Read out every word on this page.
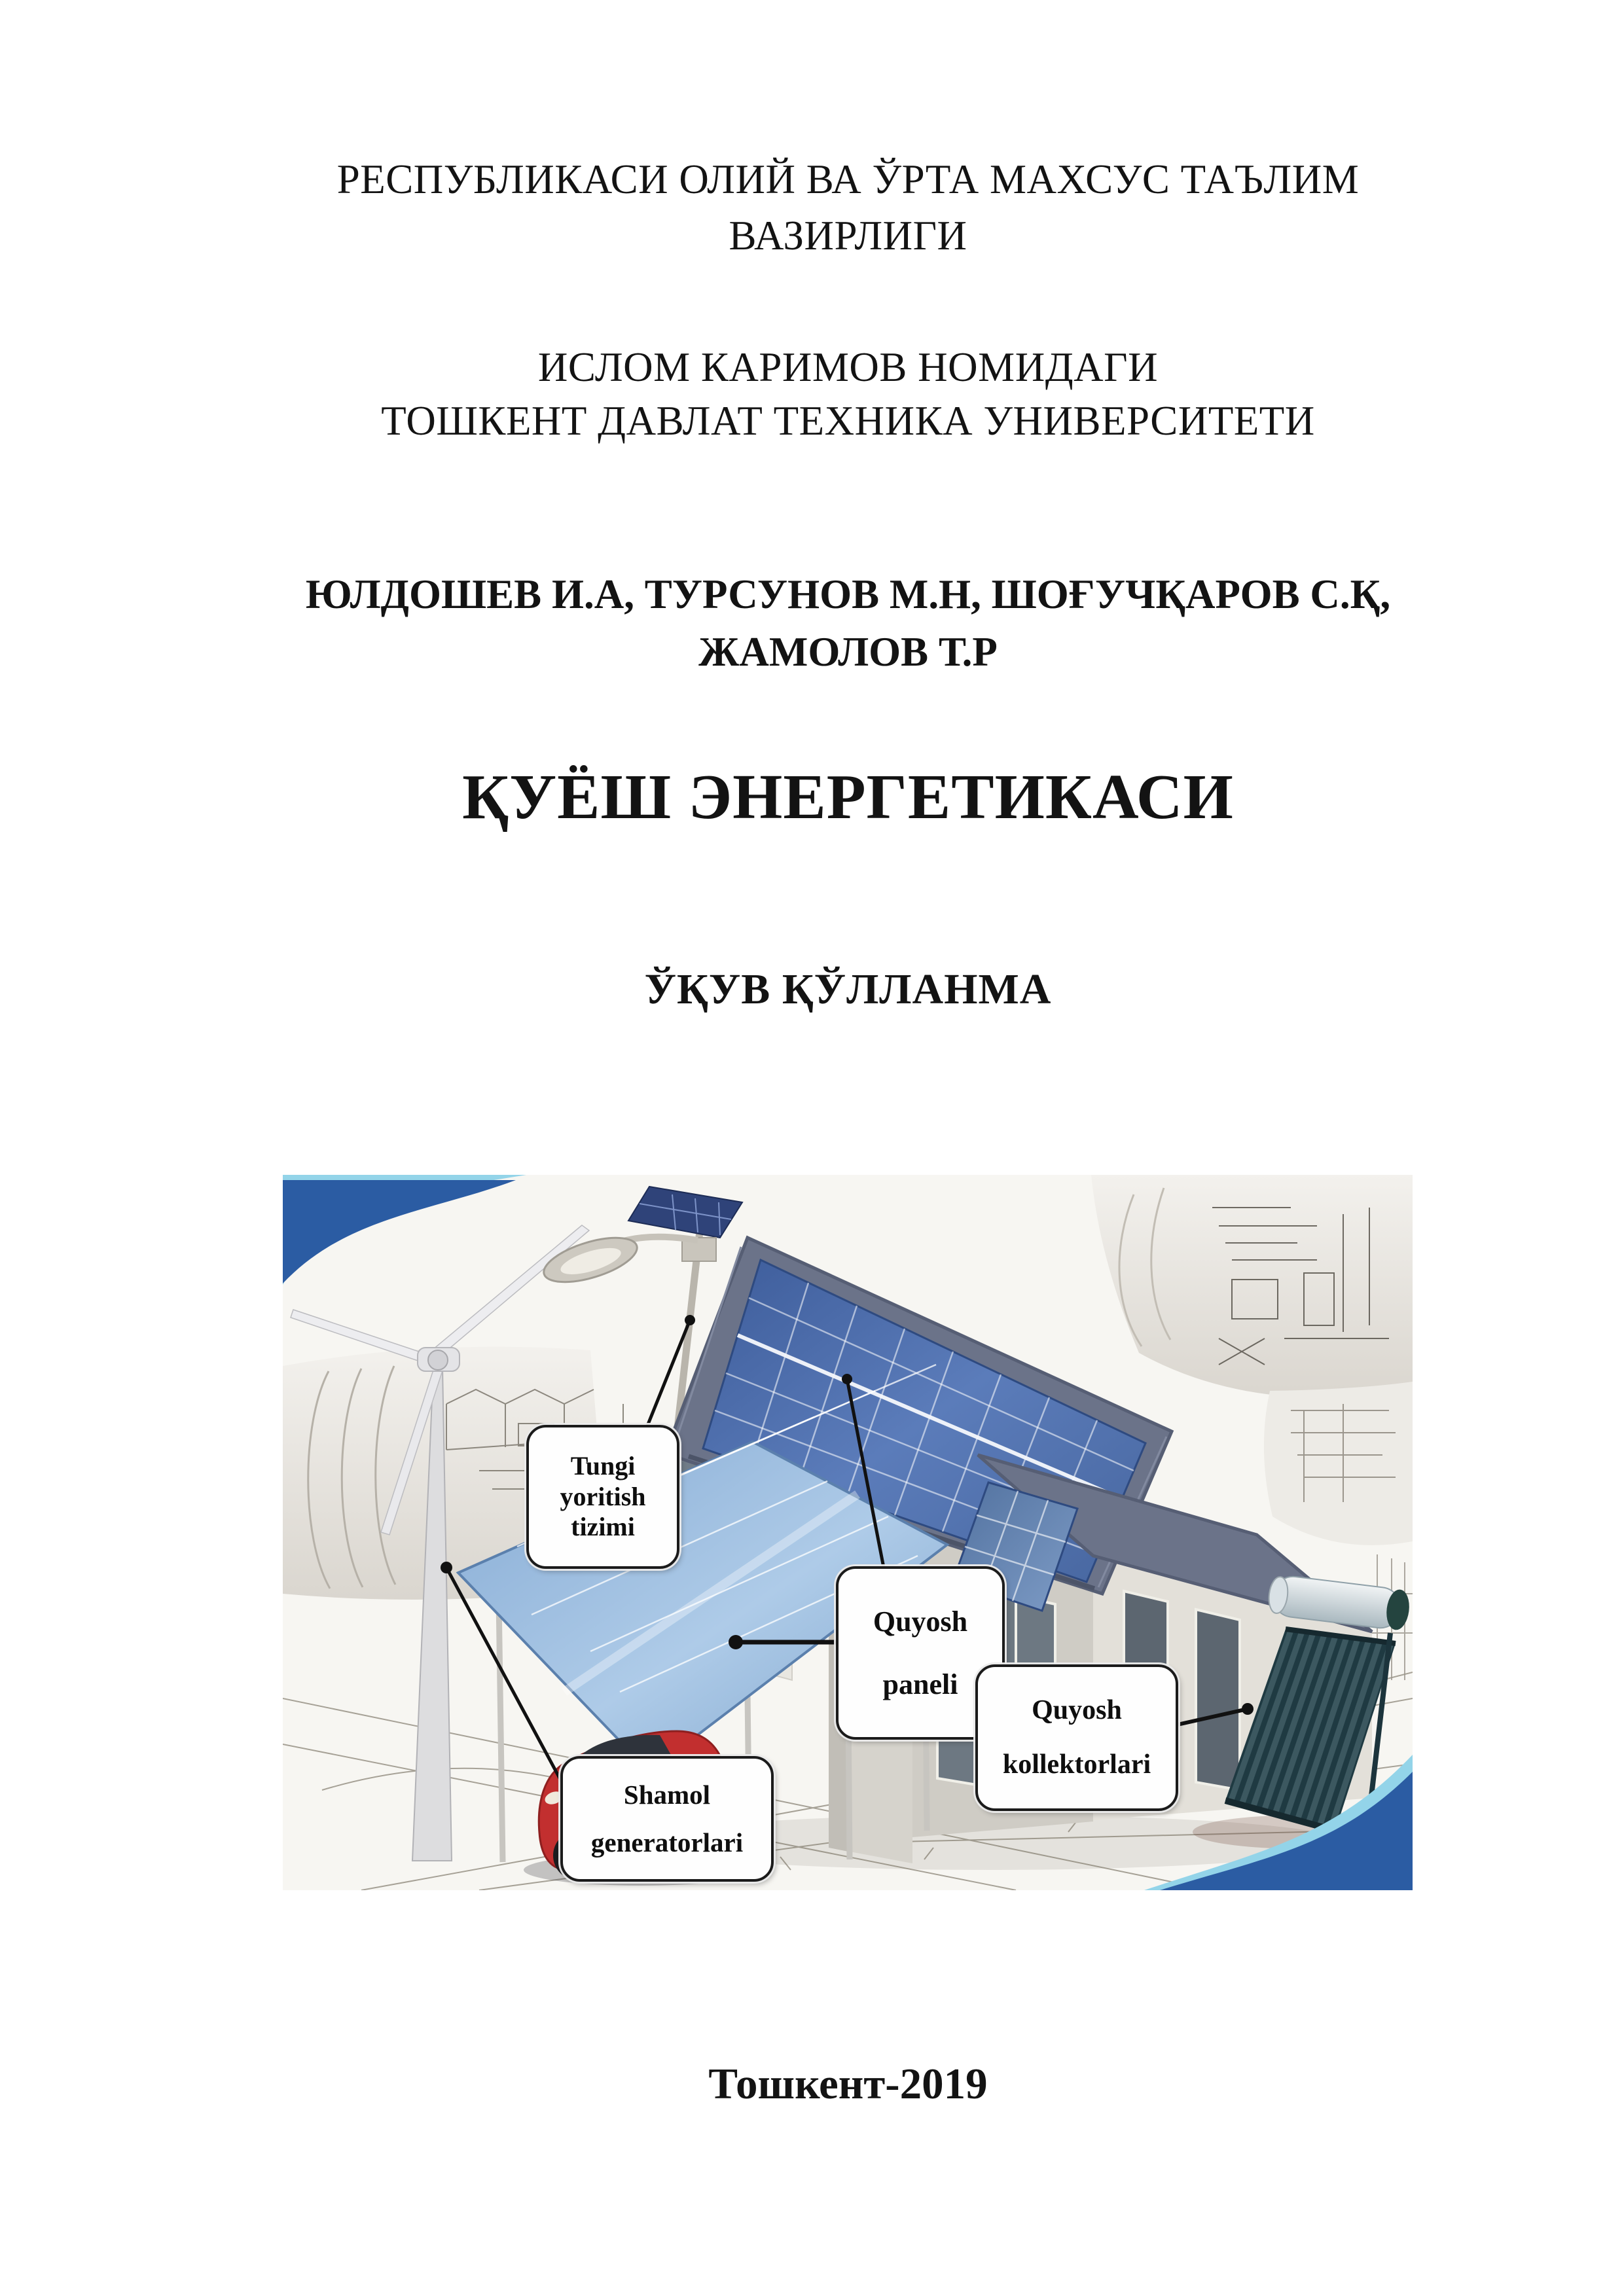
РЕСПУБЛИКАСИ ОЛИЙ ВА ЎРТА МАХСУС ТАЪЛИМ
ВАЗИРЛИГИ
ИСЛОМ КАРИМОВ НОМИДАГИ
ТОШКЕНТ ДАВЛАТ ТЕХНИКА УНИВЕРСИТЕТИ
ЮЛДОШЕВ И.А, ТУРСУНОВ М.Н, ШОҒУЧҚАРОВ С.Қ,
ЖАМОЛОВ Т.Р
ҚУЁШ ЭНЕРГЕТИКАСИ
ЎҚУВ ҚЎЛЛАНМА
Tungi
yoritish
tizimi
Quyosh
paneli
Quyosh
kollektorlari
Shamol
generatorlari
Тошкент-2019
